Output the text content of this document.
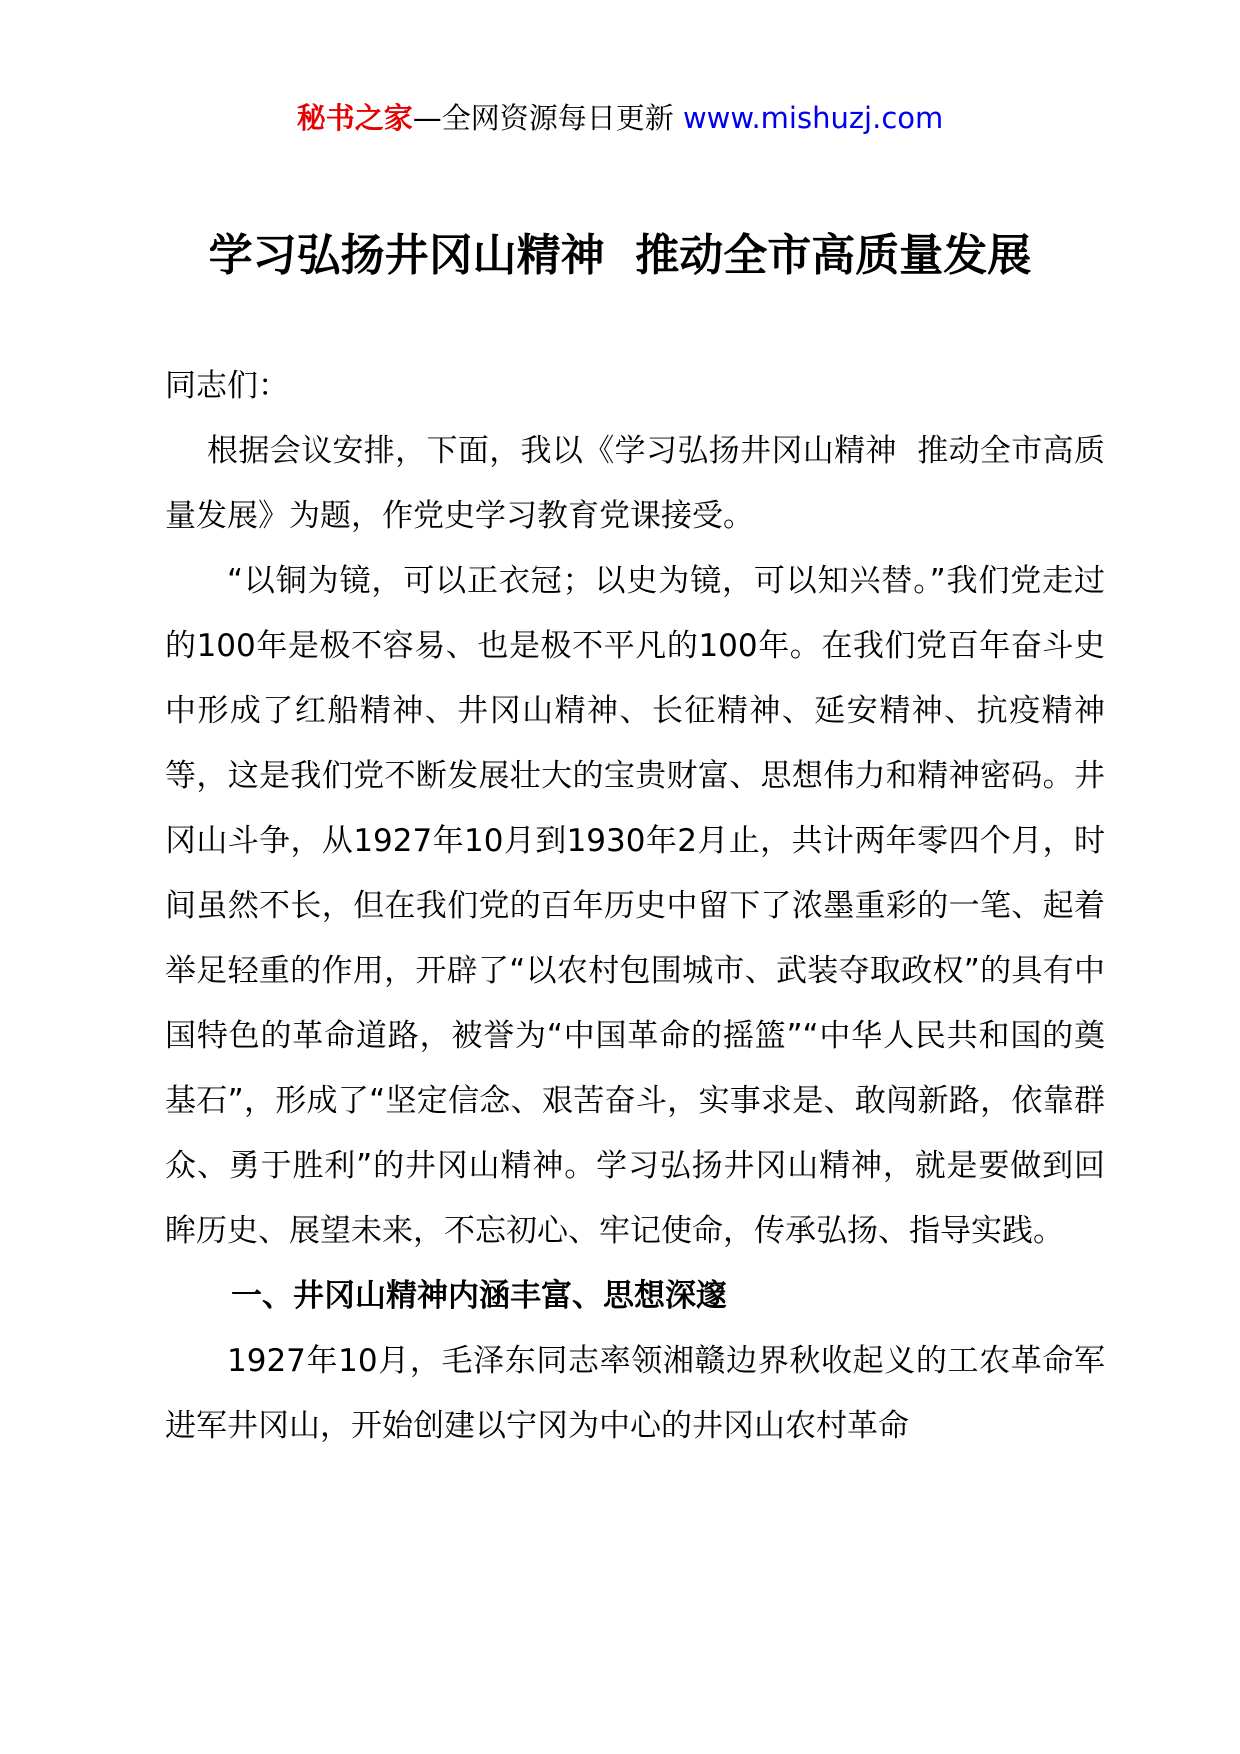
秘书之家—全网资源每日更新 www.mishuzj.com
学习弘扬井冈山精神  推动全市高质量发展

同志们：

根据会议安排，下面，我以《学习弘扬井冈山精神  推动全市高质量发展》为题，作党史学习教育党课接受。

“以铜为镜，可以正衣冠；以史为镜，可以知兴替。”我们党走过的100年是极不容易、也是极不平凡的100年。在我们党百年奋斗史中形成了红船精神、井冈山精神、长征精神、延安精神、抗疫精神等，这是我们党不断发展壮大的宝贵财富、思想伟力和精神密码。井冈山斗争，从1927年10月到1930年2月止，共计两年零四个月，时间虽然不长，但在我们党的百年历史中留下了浓墨重彩的一笔、起着举足轻重的作用，开辟了“以农村包围城市、武装夺取政权”的具有中国特色的革命道路，被誉为“中国革命的摇篮”“中华人民共和国的奠基石”，形成了“坚定信念、艰苦奋斗，实事求是、敢闯新路，依靠群众、勇于胜利”的井冈山精神。学习弘扬井冈山精神，就是要做到回眸历史、展望未来，不忘初心、牢记使命，传承弘扬、指导实践。

一、井冈山精神内涵丰富、思想深邃

1927年10月，毛泽东同志率领湘赣边界秋收起义的工农革命军进军井冈山，开始创建以宁冈为中心的井冈山农村革命
